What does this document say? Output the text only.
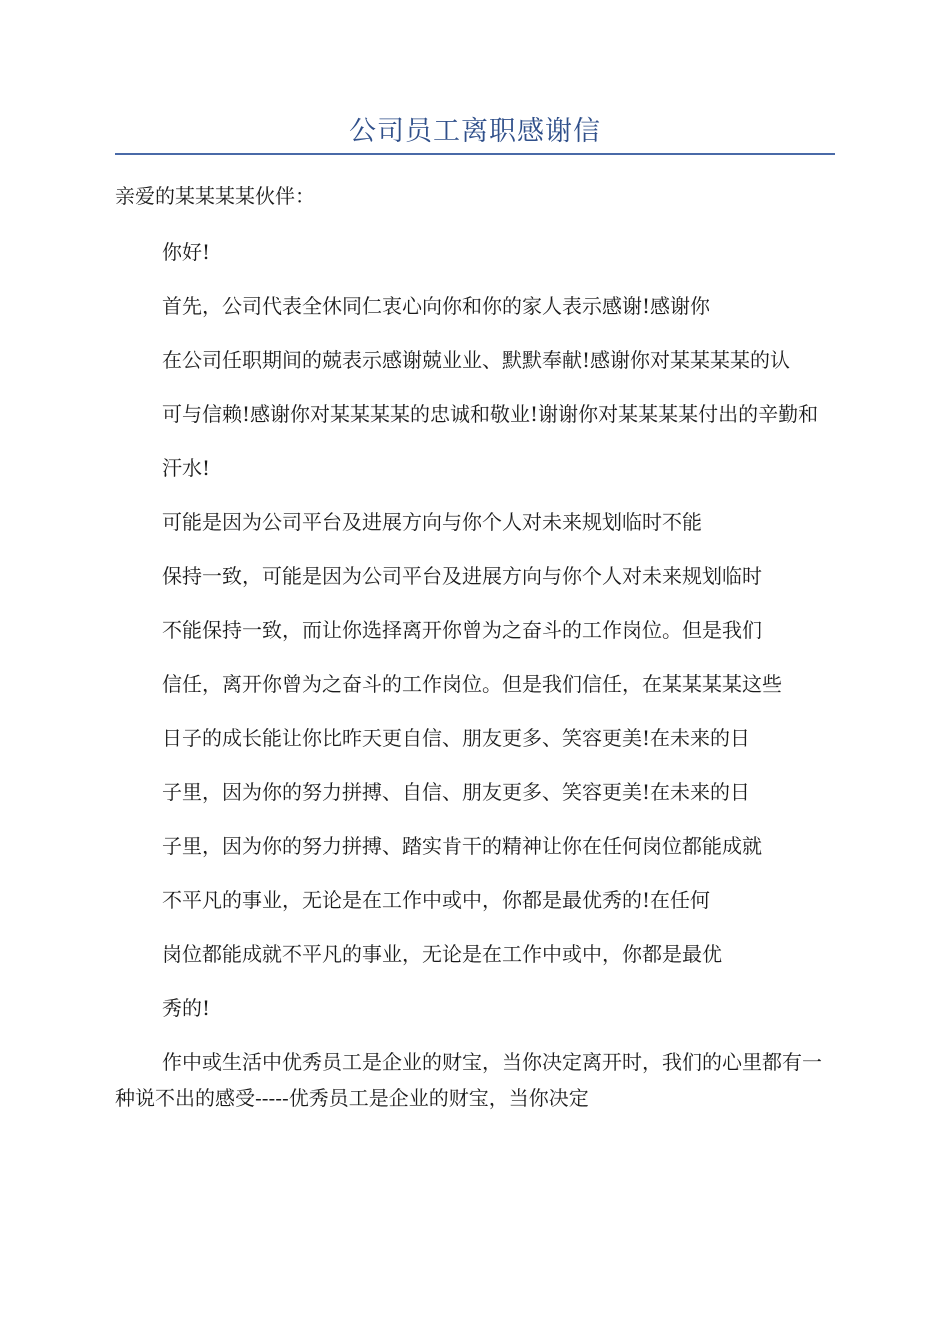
公司员工离职感谢信

亲爱的某某某某伙伴：

你好!

首先，公司代表全休同仁衷心向你和你的家人表示感谢!感谢你

在公司任职期间的兢表示感谢兢业业、默默奉献!感谢你对某某某某的认

可与信赖!感谢你对某某某某的忠诚和敬业!谢谢你对某某某某付出的辛勤和

汗水!

可能是因为公司平台及进展方向与你个人对未来规划临时不能

保持一致，可能是因为公司平台及进展方向与你个人对未来规划临时

不能保持一致，而让你选择离开你曾为之奋斗的工作岗位。但是我们

信任，离开你曾为之奋斗的工作岗位。但是我们信任，在某某某某这些

日子的成长能让你比昨天更自信、朋友更多、笑容更美!在未来的日

子里，因为你的努力拼搏、自信、朋友更多、笑容更美!在未来的日

子里，因为你的努力拼搏、踏实肯干的精神让你在任何岗位都能成就

不平凡的事业，无论是在工作中或中，你都是最优秀的!在任何

岗位都能成就不平凡的事业，无论是在工作中或中，你都是最优

秀的!

作中或生活中优秀员工是企业的财宝，当你决定离开时，我们的心里都有一种说不出的感受-----优秀员工是企业的财宝，当你决定
